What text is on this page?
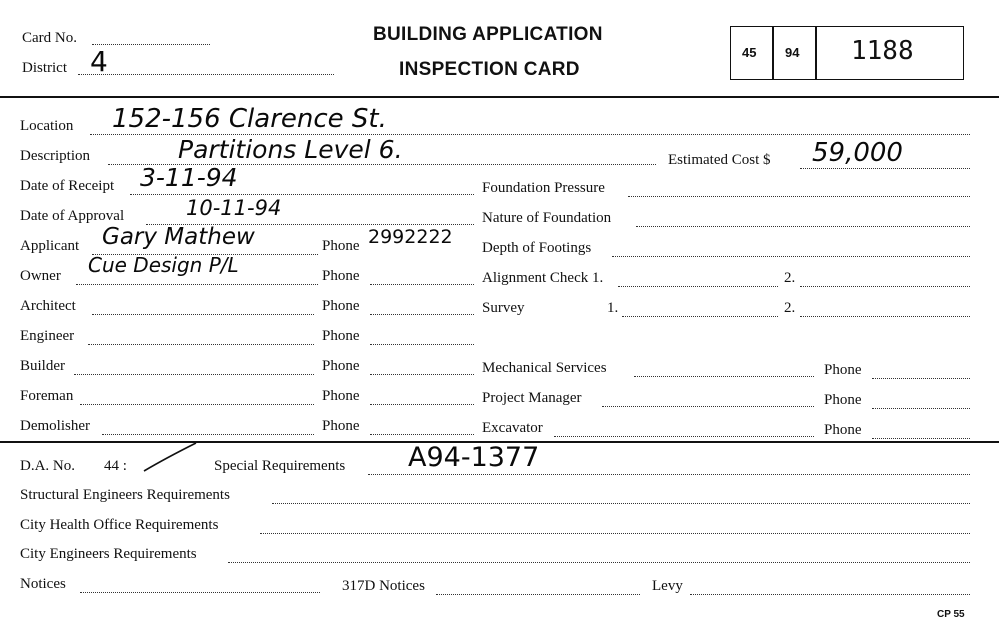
Card No.
District 4
BUILDING APPLICATION
INSPECTION CARD
45 94 1188
Location 152-156 Clarence St.
Description	Partitions Level 6.	Estimated Cost $ 59,000
Date of Receipt 3-11-94
Date of Approval	10-11-94
Applicant Gary Mathew	Phone 2992222
Owner Cue Design P/L	Phone
Architect	Phone
Engineer	Phone
Builder	Phone
Foreman	Phone
Demolisher	Phone
Foundation Pressure
Nature of Foundation
Depth of Footings
Alignment Check 1.	2.
Survey	1.	2.
Mechanical Services	Phone
Project Manager	Phone
Excavator	Phone
D.A. No. 44 :	Special Requirements A94-1377
Structural Engineers Requirements
City Health Office Requirements
City Engineers Requirements
Notices	317D Notices	Levy
CP 55
